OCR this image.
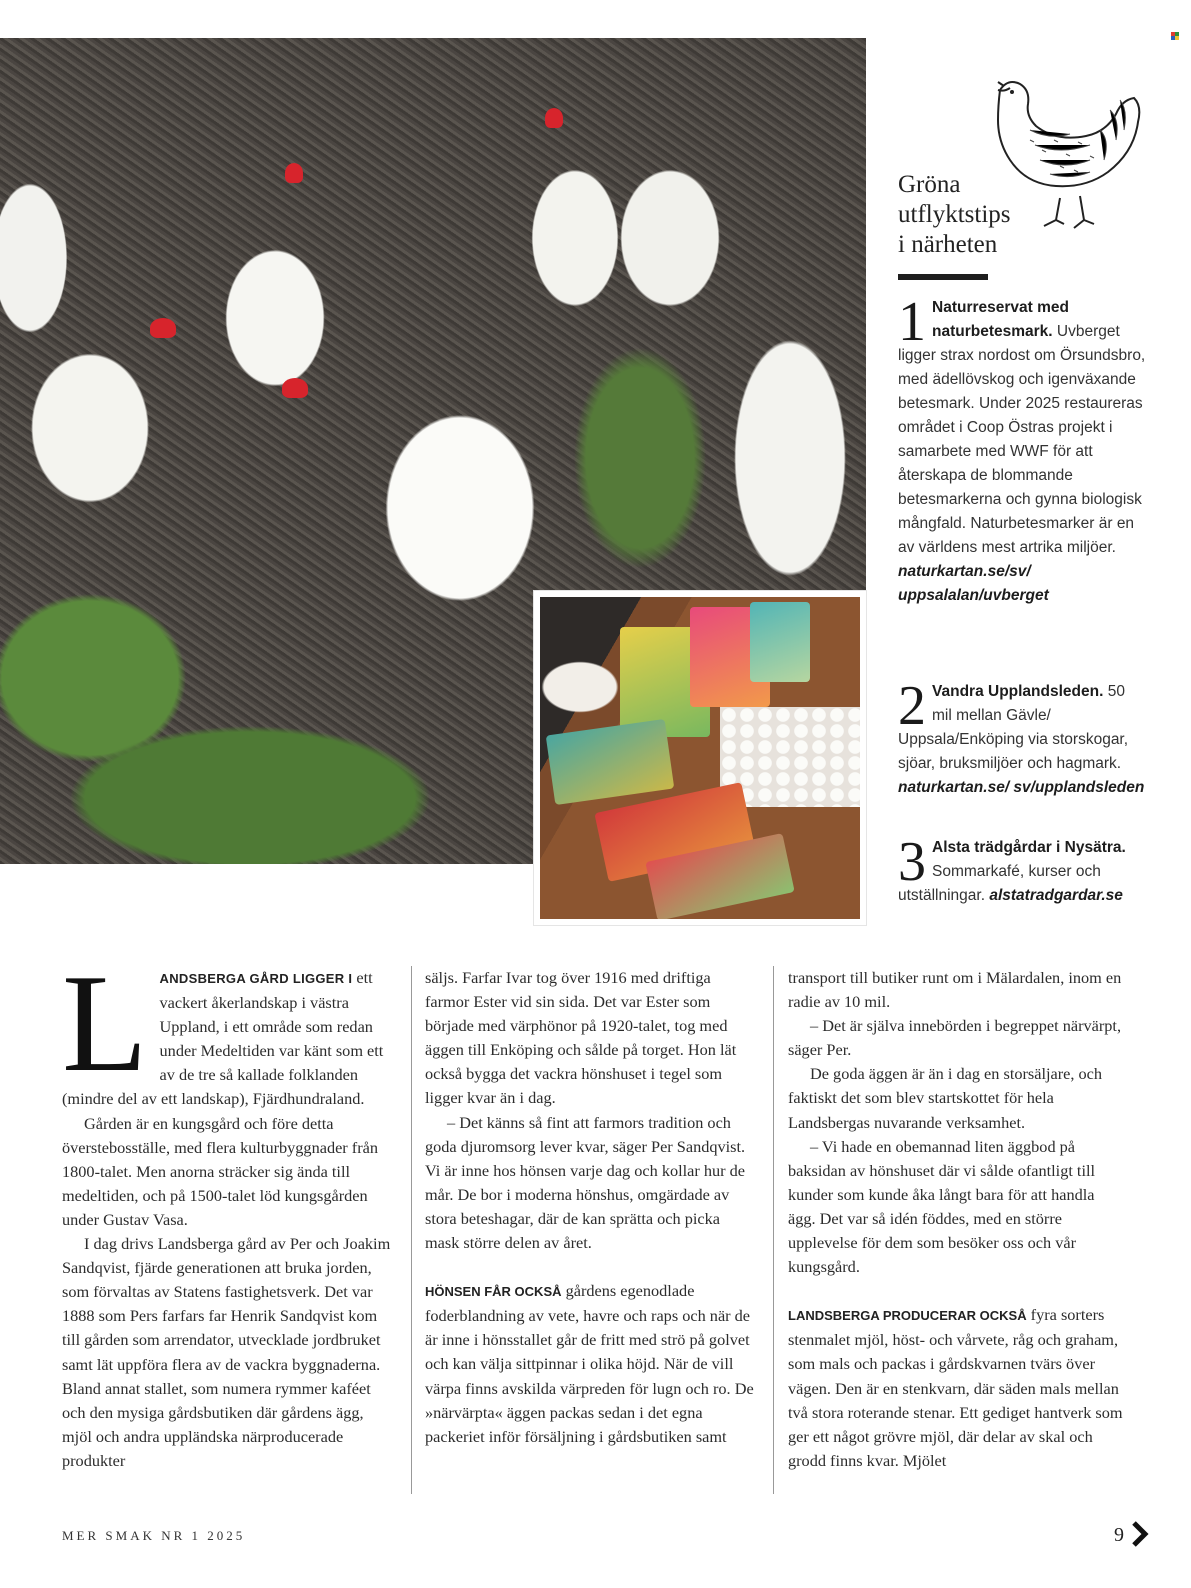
Gröna
utflyktstips
i närheten
1 Naturreservat med naturbetesmark. Uvberget ligger strax nordost om Örsundsbro, med ädellövskog och igenväxande betesmark. Under 2025 restaureras området i Coop Östras projekt i samarbete med WWF för att återskapa de blommande betesmarkerna och gynna biologisk mångfald. Naturbetesmarker är en av världens mest artrika miljöer. naturkartan.se/sv/ uppsalalan/uvberget
2 Vandra Upplandsleden. 50 mil mellan Gävle/ Uppsala/Enköping via storskogar, sjöar, bruksmiljöer och hagmark. naturkartan.se/ sv/upplandsleden
3 Alsta trädgårdar i Nysätra. Sommarkafé, kurser och utställningar. alstatradgardar.se

LANDSBERGA GÅRD LIGGER I ett vackert åkerlandskap i västra Uppland, i ett område som redan under Medeltiden var känt som ett av de tre så kallade folklanden (mindre del av ett landskap), Fjärdhundraland.

Gården är en kungsgård och före detta överstebosställe, med flera kulturbyggnader från 1800-talet. Men anorna sträcker sig ända till medeltiden, och på 1500-talet löd kungsgården under Gustav Vasa.

I dag drivs Landsberga gård av Per och Joakim Sandqvist, fjärde generationen att bruka jorden, som förvaltas av Statens fastighetsverk. Det var 1888 som Pers farfars far Henrik Sandqvist kom till gården som arrendator, utvecklade jordbruket samt lät uppföra flera av de vackra byggnaderna. Bland annat stallet, som numera rymmer kaféet och den mysiga gårdsbutiken där gårdens ägg, mjöl och andra uppländska närproducerade produkter

säljs. Farfar Ivar tog över 1916 med driftiga farmor Ester vid sin sida. Det var Ester som började med värphönor på 1920-talet, tog med äggen till Enköping och sålde på torget. Hon lät också bygga det vackra hönshuset i tegel som ligger kvar än i dag.

– Det känns så fint att farmors tradition och goda djuromsorg lever kvar, säger Per Sandqvist. Vi är inne hos hönsen varje dag och kollar hur de mår. De bor i moderna hönshus, omgärdade av stora beteshagar, där de kan sprätta och picka mask större delen av året.

HÖNSEN FÅR OCKSÅ gårdens egenodlade foderblandning av vete, havre och raps och när de är inne i hönsstallet går de fritt med strö på golvet och kan välja sittpinnar i olika höjd. När de vill värpa finns avskilda värpreden för lugn och ro. De »närvärpta« äggen packas sedan i det egna packeriet inför försäljning i gårdsbutiken samt

transport till butiker runt om i Mälardalen, inom en radie av 10 mil.

– Det är själva innebörden i begreppet närvärpt, säger Per.

De goda äggen är än i dag en storsäljare, och faktiskt det som blev startskottet för hela Landsbergas nuvarande verksamhet.

– Vi hade en obemannad liten äggbod på baksidan av hönshuset där vi sålde ofantligt till kunder som kunde åka långt bara för att handla ägg. Det var så idén föddes, med en större upplevelse för dem som besöker oss och vår kungsgård.

LANDSBERGA PRODUCERAR OCKSÅ fyra sorters stenmalet mjöl, höst- och vårvete, råg och graham, som mals och packas i gårdskvarnen tvärs över vägen. Den är en stenkvarn, där säden mals mellan två stora roterande stenar. Ett gediget hantverk som ger ett något grövre mjöl, där delar av skal och grodd finns kvar. Mjölet

MER SMAK NR 1 2025	9
